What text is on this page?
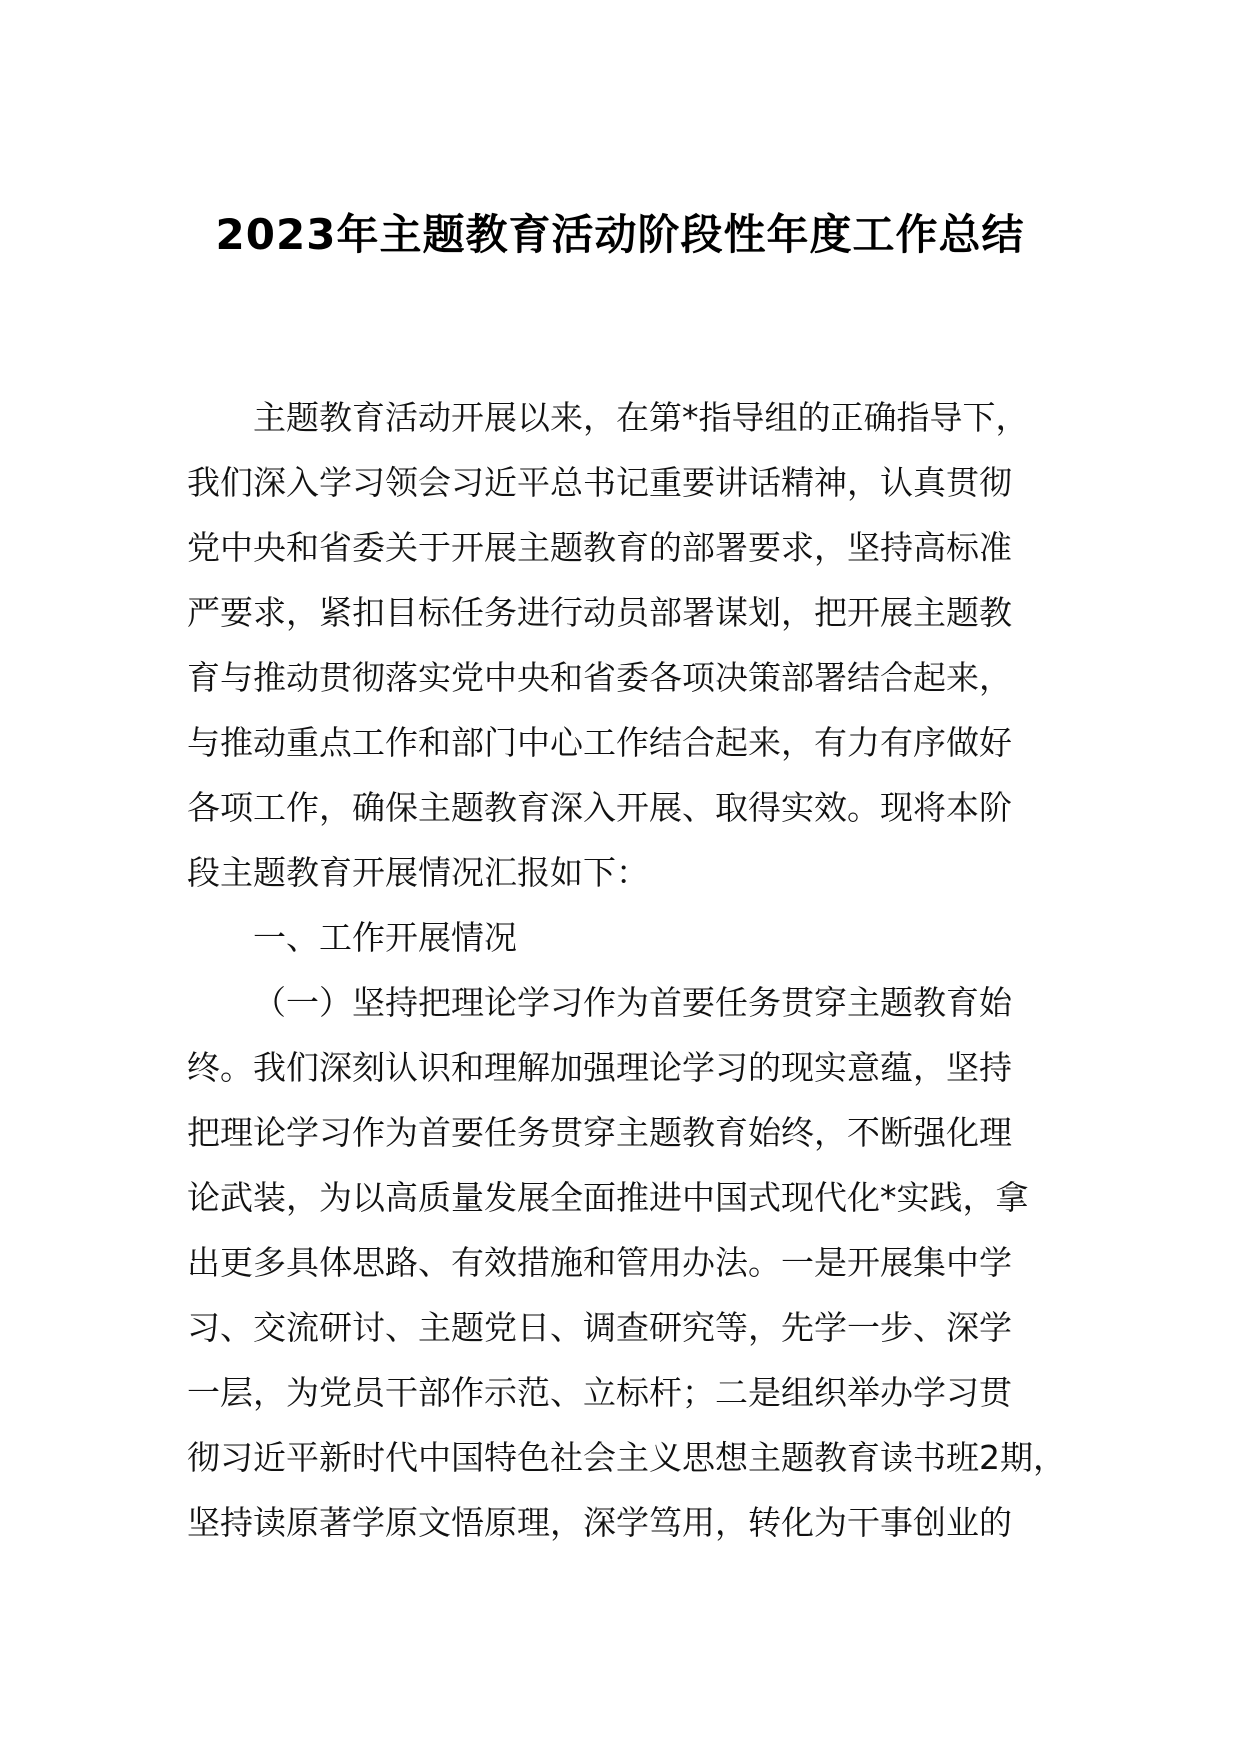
2023年主题教育活动阶段性年度工作总结
主题教育活动开展以来，在第*指导组的正确指导下，
我们深入学习领会习近平总书记重要讲话精神，认真贯彻
党中央和省委关于开展主题教育的部署要求，坚持高标准
严要求，紧扣目标任务进行动员部署谋划，把开展主题教
育与推动贯彻落实党中央和省委各项决策部署结合起来，
与推动重点工作和部门中心工作结合起来，有力有序做好
各项工作，确保主题教育深入开展、取得实效。现将本阶
段主题教育开展情况汇报如下：
一、工作开展情况
（一）坚持把理论学习作为首要任务贯穿主题教育始
终。我们深刻认识和理解加强理论学习的现实意蕴，坚持
把理论学习作为首要任务贯穿主题教育始终，不断强化理
论武装，为以高质量发展全面推进中国式现代化*实践，拿
出更多具体思路、有效措施和管用办法。一是开展集中学
习、交流研讨、主题党日、调查研究等，先学一步、深学
一层，为党员干部作示范、立标杆；二是组织举办学习贯
彻习近平新时代中国特色社会主义思想主题教育读书班2期，
坚持读原著学原文悟原理，深学笃用，转化为干事创业的
